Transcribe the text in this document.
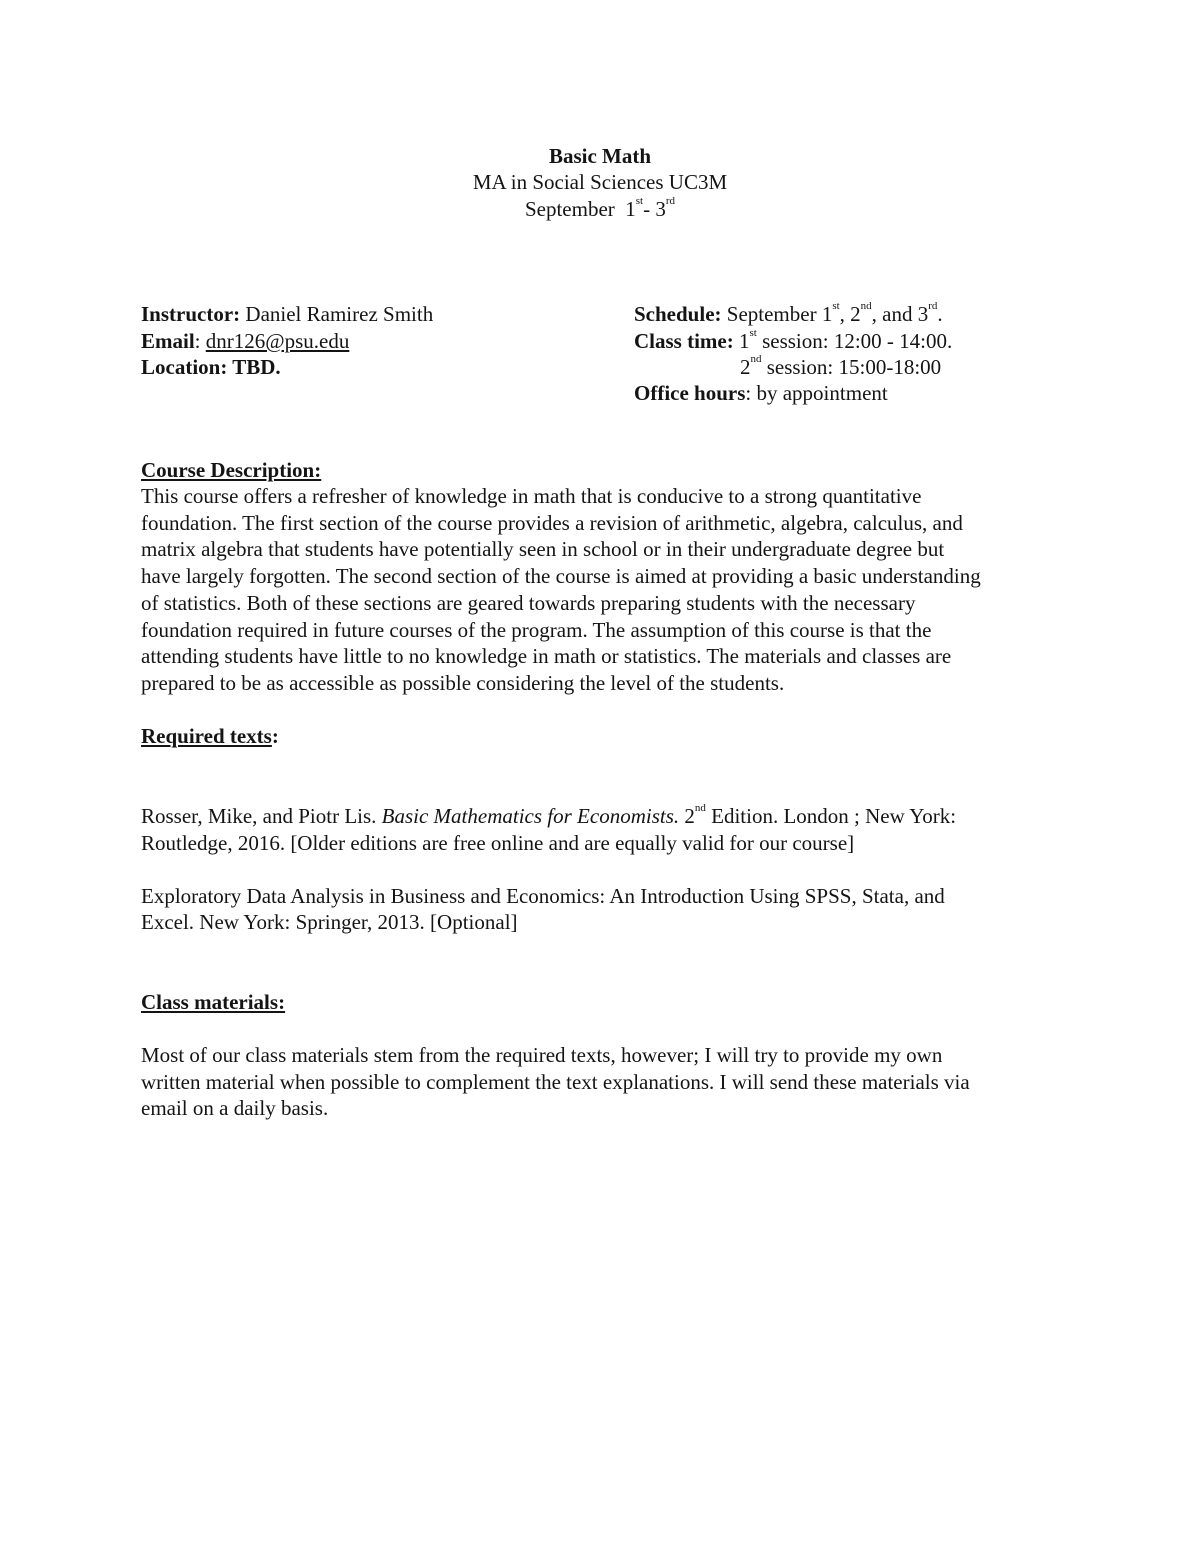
Basic Math
MA in Social Sciences UC3M
September 1st- 3rd
Instructor: Daniel Ramirez Smith
Email: dnr126@psu.edu
Location: TBD.
Schedule: September 1st, 2nd, and 3rd.
Class time: 1st session: 12:00 - 14:00.
2nd session: 15:00-18:00
Office hours: by appointment
Course Description:
This course offers a refresher of knowledge in math that is conducive to a strong quantitative
foundation. The first section of the course provides a revision of arithmetic, algebra, calculus, and
matrix algebra that students have potentially seen in school or in their undergraduate degree but
have largely forgotten. The second section of the course is aimed at providing a basic understanding
of statistics. Both of these sections are geared towards preparing students with the necessary
foundation required in future courses of the program. The assumption of this course is that the
attending students have little to no knowledge in math or statistics. The materials and classes are
prepared to be as accessible as possible considering the level of the students.
Required texts:
Rosser, Mike, and Piotr Lis. Basic Mathematics for Economists. 2nd Edition. London ; New York:
Routledge, 2016. [Older editions are free online and are equally valid for our course]
Exploratory Data Analysis in Business and Economics: An Introduction Using SPSS, Stata, and
Excel. New York: Springer, 2013. [Optional]
Class materials:
Most of our class materials stem from the required texts, however; I will try to provide my own
written material when possible to complement the text explanations. I will send these materials via
email on a daily basis.
